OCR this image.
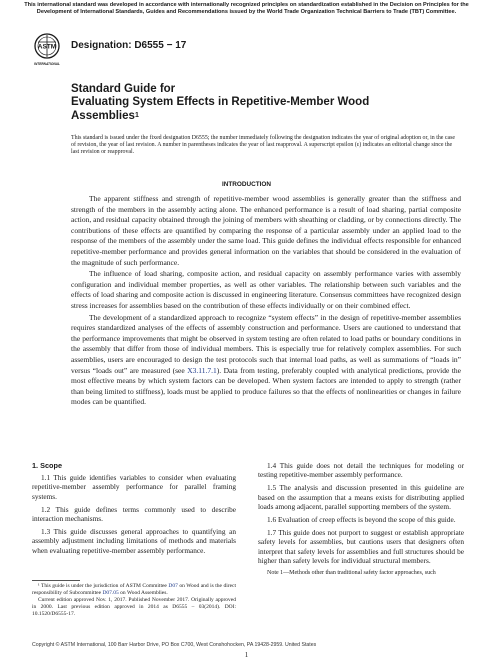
This international standard was developed in accordance with internationally recognized principles on standardization established in the Decision on Principles for the Development of International Standards, Guides and Recommendations issued by the World Trade Organization Technical Barriers to Trade (TBT) Committee.
ASTM
INTERNATIONAL
Designation: D6555 − 17
Standard Guide for
Evaluating System Effects in Repetitive-Member Wood
Assemblies$^1$
This standard is issued under the fixed designation D6555; the number immediately following the designation indicates the year of original adoption or, in the case of revision, the year of last revision. A number in parentheses indicates the year of last reapproval. A superscript epsilon (ε) indicates an editorial change since the last revision or reapproval.
INTRODUCTION

The apparent stiffness and strength of repetitive-member wood assemblies is generally greater than the stiffness and strength of the members in the assembly acting alone. The enhanced performance is a result of load sharing, partial composite action, and residual capacity obtained through the joining of members with sheathing or cladding, or by connections directly. The contributions of these effects are quantified by comparing the response of a particular assembly under an applied load to the response of the members of the assembly under the same load. This guide defines the individual effects responsible for enhanced repetitive-member performance and provides general information on the variables that should be considered in the evaluation of the magnitude of such performance.

The influence of load sharing, composite action, and residual capacity on assembly performance varies with assembly configuration and individual member properties, as well as other variables. The relationship between such variables and the effects of load sharing and composite action is discussed in engineering literature. Consensus committees have recognized design stress increases for assemblies based on the contribution of these effects individually or on their combined effect.

The development of a standardized approach to recognize “system effects” in the design of repetitive-member assemblies requires standardized analyses of the effects of assembly construction and performance. Users are cautioned to understand that the performance improvements that might be observed in system testing are often related to load paths or boundary conditions in the assembly that differ from those of individual members. This is especially true for relatively complex assemblies. For such assemblies, users are encouraged to design the test protocols such that internal load paths, as well as summations of “loads in” versus “loads out” are measured (see X3.11.7.1). Data from testing, preferably coupled with analytical predictions, provide the most effective means by which system factors can be developed. When system factors are intended to apply to strength (rather than being limited to stiffness), loads must be applied to produce failures so that the effects of nonlinearities or changes in failure modes can be quantified.

1. Scope

1.1 This guide identifies variables to consider when evaluating repetitive-member assembly performance for parallel framing systems.

1.2 This guide defines terms commonly used to describe interaction mechanisms.

1.3 This guide discusses general approaches to quantifying an assembly adjustment including limitations of methods and materials when evaluating repetitive-member assembly performance.

1.4 This guide does not detail the techniques for modeling or testing repetitive-member assembly performance.

1.5 The analysis and discussion presented in this guideline are based on the assumption that a means exists for distributing applied loads among adjacent, parallel supporting members of the system.

1.6 Evaluation of creep effects is beyond the scope of this guide.

1.7 This guide does not purport to suggest or establish appropriate safety levels for assemblies, but cautions users that designers often interpret that safety levels for assemblies and full structures should be higher than safety levels for individual structural members.

Note 1—Methods other than traditional safety factor approaches, such

¹ This guide is under the jurisdiction of ASTM Committee D07 on Wood and is the direct responsibility of Subcommittee D07.05 on Wood Assemblies.

Current edition approved Nov. 1, 2017. Published November 2017. Originally approved in 2000. Last previous edition approved in 2014 as D6555 – 03(2014). DOI: 10.1520/D6555-17.

Copyright © ASTM International, 100 Barr Harbor Drive, PO Box C700, West Conshohocken, PA 19428-2959. United States
1
